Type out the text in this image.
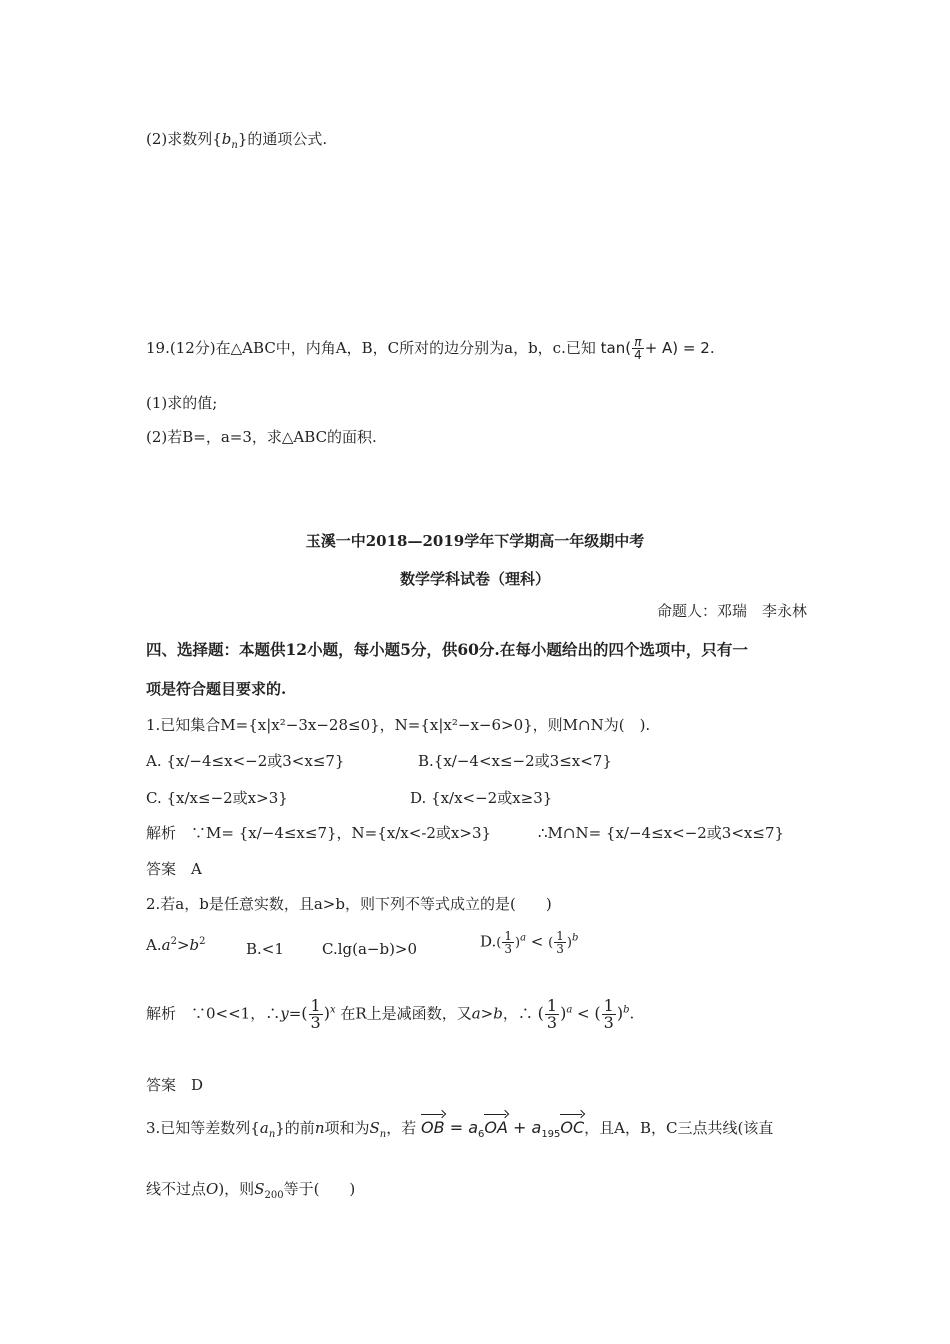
(2)求数列$\{b_n\}$的通项公式.
19.(12分)在△ABC中，内角A，B，C所对的边分别为a，b，c.已知 $\tan( \frac{\pi}{4} + A) = 2$.
(1)求的值;
(2)若B=，a=3，求△ABC的面积.
玉溪一中2018—2019学年下学期高一年级期中考
数学学科试卷（理科）
命题人：邓瑞　李永林
四、选择题：本题供12小题，每小题5分，供60分.在每小题给出的四个选项中，只有一
项是符合题目要求的.
1.已知集合M={x|x²−3x−28≤0}，N={x|x²−x−6>0}，则M∩N为(　).
A. {x/−4≤x<−2或3<x≤7}	B.{x/−4<x≤−2或3≤x<7}
C. {x/x≤−2或x>3}	D. {x/x<−2或x≥3}
解析　∵M= {x/−4≤x≤7}，N={x/x<-2或x>3}	∴M∩N= {x/−4≤x<−2或3<x≤7}
答案　A
2.若a，b是任意实数，且a>b，则下列不等式成立的是(　　)
$A.a^2>b^2$	B.<1	C.lg(a−b)>0	$D.( \frac{1}{3} )^a$ < ( $\frac{1}{3} )^b$
解析　∵0<<1，∴y=( $\frac{1}{3} )^x$ 在R上是减函数，又a>b，∴ ( $\frac{1}{3} )^a$ < ( $\frac{1}{3} )^b$.
答案　D
3.已知等差数列$\{a_n\}$的前n项和为$S_n$，若 OB = $a_6OA + a_{195}OC$，且A，B，C三点共线(该直
线不过点O)，则$S_{200}$等于(　　)
